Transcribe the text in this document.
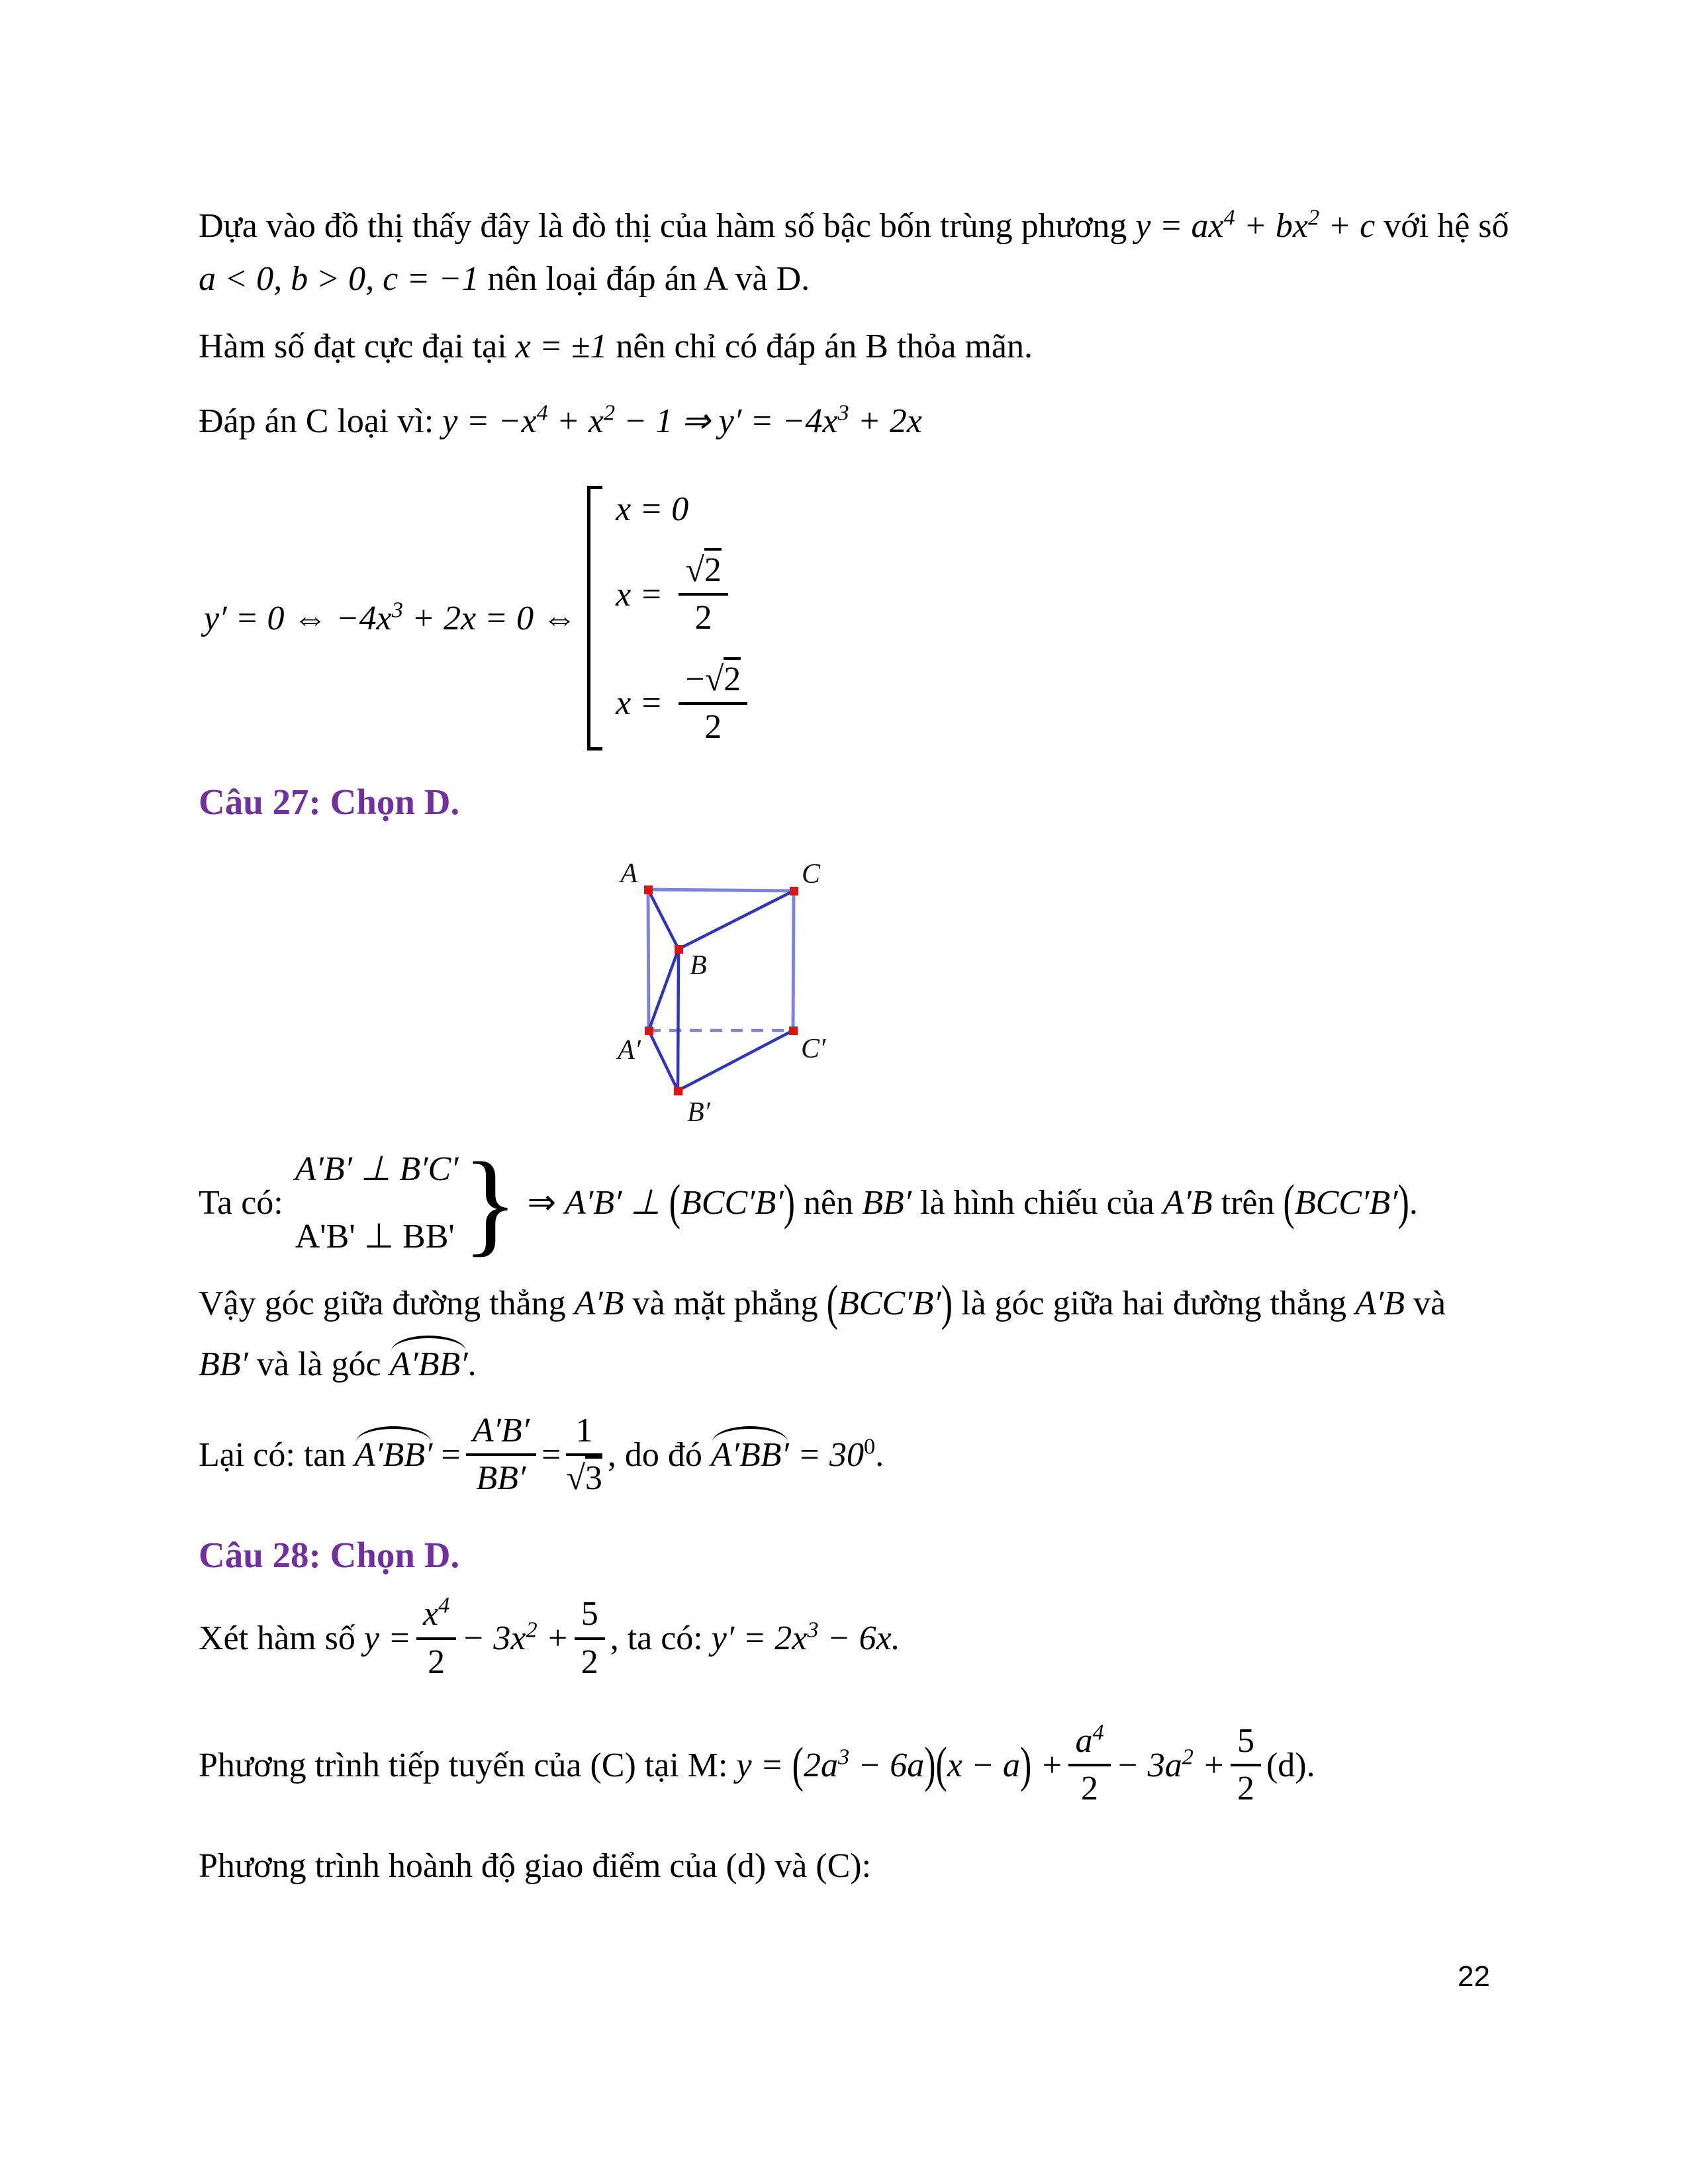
Dựa vào đồ thị thấy đây là đò thị của hàm số bậc bốn trùng phương $y = ax^4 + bx^2 + c$ với hệ số
a < 0, b > 0, c = −1 nên loại đáp án A và D.
Hàm số đạt cực đại tại x = ±1 nên chỉ có đáp án B thỏa mãn.
Đáp án C loại vì: $y = -x^4 + x^2 - 1$ ⇒ $y' = -4x^3 + 2x$
y′ = 0 ⇔ $-4x^3 + 2x = 0$ ⇔
x = 0
$x = \frac{√2}{2}$
$x = \frac{-√2}{2}$
Câu 27: Chọn D.
A	C
B
A′	C′
B′
Ta có:
A′B′ ⊥ B′C′
A'B' ⊥ BB' } ⇒ A′B′ ⊥ (BCC′B′) nên BB′ là hình chiếu của A′B trên (BCC′B′).
Vậy góc giữa đường thẳng A′B và mặt phẳng (BCC′B′) là góc giữa hai đường thẳng A′B và
BB′ và là góc
A′BB′.
Lại có: tan
$A'BB' = \frac{A'B'}{BB'} = \frac{1}{√3}$ , do đó
$A'BB' = 30^0$.
Câu 28: Chọn D.
Xét hàm số $y = \frac{x^4}{2} - 3x^2 + \frac{5}{2}$ , ta có: $y' = 2x^3 - 6x$.
Phương trình tiếp tuyến của (C) tại M: $y = (2a^3 - 6a)(x - a) + \frac{a^4}{2} - 3a^2 + \frac{5}{2} (d)$.
Phương trình hoành độ giao điểm của (d) và (C):
22
